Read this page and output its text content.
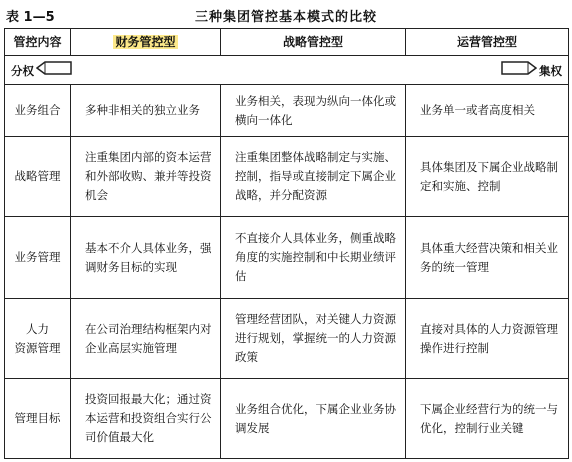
表 1—5	三种集团管控基本模式的比较
管控内容	财务管控型	战略管控型	运营管控型

分权 集权			

业务组合	多种非相关的独立业务	业务相关，表现为纵向一体化或横向一体化	业务单一或者高度相关
战略管理	注重集团内部的资本运营和外部收购、兼并等投资机会	注重集团整体战略制定与实施、控制，指导或直接制定下属企业战略，并分配资源	具体集团及下属企业战略制定和实施、控制
业务管理	基本不介人具体业务，强调财务目标的实现	不直接介人具体业务，侧重战略角度的实施控制和中长期业绩评估	具体重大经营决策和相关业务的统一管理

人力
资源管理	在公司治理结构框架内对企业高层实施管理	管理经营团队，对关键人力资源进行规划，掌握统一的人力资源政策	直接对具体的人力资源管理操作进行控制
管理目标	投资回报最大化；通过资本运营和投资组合实行公司价值最大化	业务组合优化，下属企业业务协调发展	下属企业经营行为的统一与优化，控制行业关键
